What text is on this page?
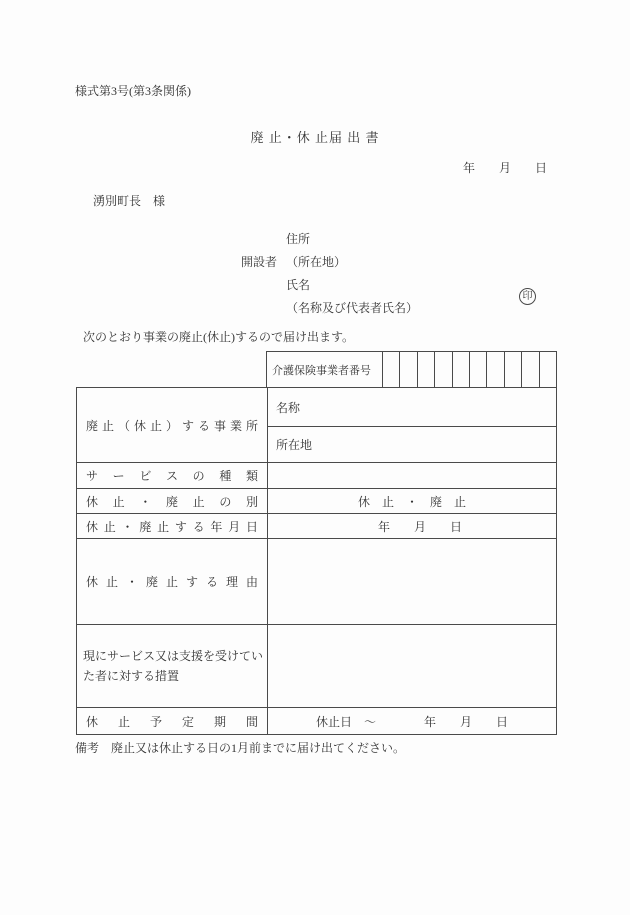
様式第3号(第3条関係)
廃 止・休 止届 出 書
年　　月　　日
湧別町長　様
開設者
住所
（所在地）
氏名
（名称及び代表者氏名）
印
次のとおり事業の廃止(休止)するので届け出ます。
介護保険事業者番号
廃止（休止）する事業所
名称
所在地
サービスの種類
休止・廃止の別	休　止　・　廃　止
休止・廃止する年月日	年　　月　　日
休止・廃止する理由
現にサービス又は支援を受けていた者に対する措置
休止予定期間	休止日　～　　　　年　　月　　日
備考　廃止又は休止する日の1月前までに届け出てください。
